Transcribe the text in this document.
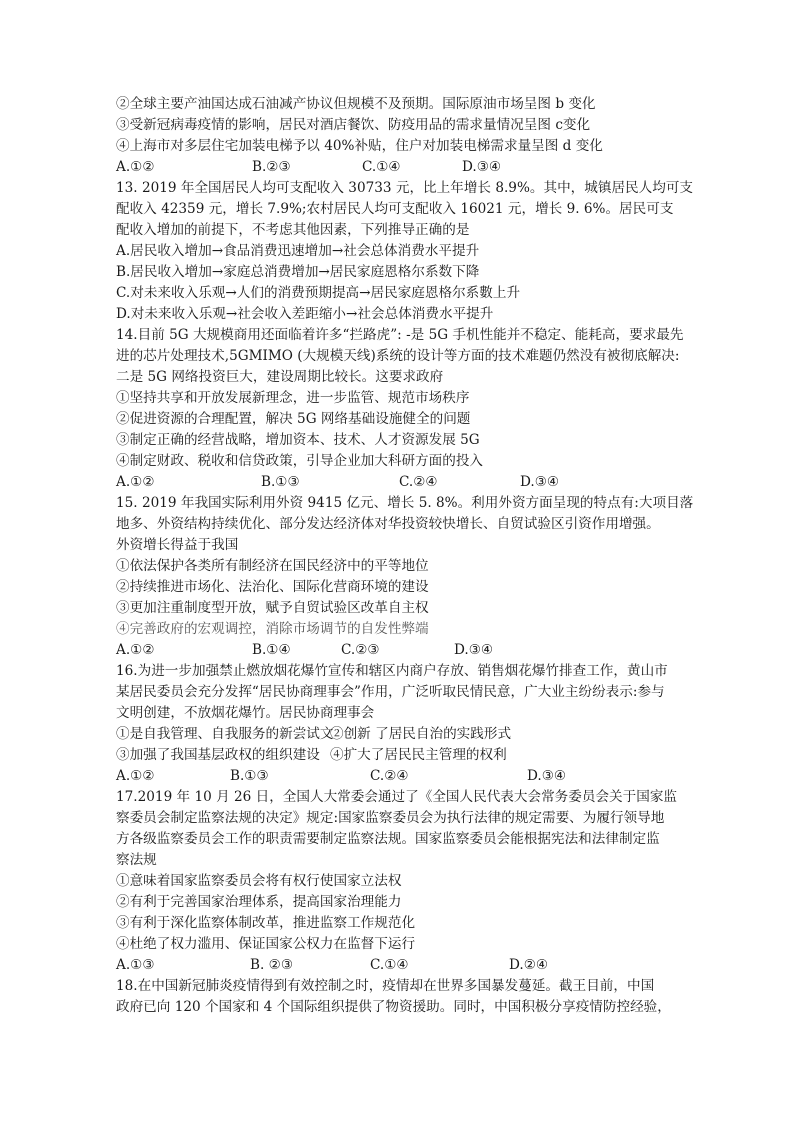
②全球主要产油国达成石油减产协议但规模不及预期。国际原油市场呈图 b 变化
③受新冠病毒疫情的影响，居民对酒店餐饮、防疫用品的需求量情况呈图 c变化
④上海市对多层住宅加装电梯予以 40%补贴，住户对加装电梯需求量呈图 d 变化
A.①②	B.②③	C.①④	D.③④
13. 2019 年全国居民人均可支配收入 30733 元，比上年增长 8.9%。其中，城镇居民人均可支
配收入 42359 元，增长 7.9%;农村居民人均可支配收入 16021 元，增长 9. 6%。居民可支
配收入增加的前提下，不考虑其他因素，下列推导正确的是
A.居民收入增加→食品消费迅速增加→社会总体消费水平提升
B.居民收入增加→家庭总消费增加→居民家庭恩格尔系数下降
C.对未来收入乐观→人们的消费预期提高→居民家庭恩格尔系數上升
D.对未来收入乐观→社会收入差距缩小→社会总体消费水平提升
14.目前 5G 大规模商用还面临着许多“拦路虎”: -是 5G 手机性能并不稳定、能耗高，要求最先
进的芯片处理技术,5GMIMO (大规模天线)系统的设计等方面的技术难题仍然没有被彻底解决:
二是 5G 网络投资巨大，建设周期比较长。这要求政府
①坚持共享和开放发展新理念，进一步监管、规范市场秩序
②促进资源的合理配置，解决 5G 网络基础设施健全的问题
③制定正确的经营战略，增加资本、技术、人才资源发展 5G
④制定财政、税收和信贷政策，引导企业加大科研方面的投入
A.①②	B.①③	C.②④	D.③④
15. 2019 年我国实际利用外资 9415 亿元、增长 5. 8%。利用外资方面呈现的特点有:大项目落
地多、外资结构持续优化、部分发达经济体对华投资较快增长、自贸试验区引资作用增强。
外资增长得益于我国
①依法保护各类所有制经济在国民经济中的平等地位
②持续推进市场化、法治化、国际化营商环境的建设
③更加注重制度型开放，赋予自贸试验区改革自主权
④完善政府的宏观调控，消除市场调节的自发性弊端
A.①②	B.①④	C.②③	D.③④
16.为进一步加强禁止燃放烟花爆竹宣传和辖区内商户存放、销售烟花爆竹排查工作，黄山市
某居民委员会充分发挥“居民协商理事会”作用，广泛听取民情民意，广大业主纷纷表示:参与
文明创建，不放烟花爆竹。居民协商理事会
①是自我管理、自我服务的新尝试文
②创新 了居民自治的实践形式
③加强了我国基层政权的组织建设 ④扩大了居民民主管理的权利
A.①②	B.①③	C.②④	D.③④
17.2019 年 10 月 26 日，全国人大常委会通过了《全国人民代表大会常务委员会关于国家监
察委员会制定监察法规的决定》规定:国家监察委员会为执行法律的规定需要、为履行领导地
方各级监察委员会工作的职责需要制定监察法规。国家监察委员会能根据宪法和法律制定监
察法规
①意味着国家监察委员会将有权行使国家立法权
②有利于完善国家治理体系，提高国家治理能力
③有利于深化监察体制改革，推进监察工作规范化
④杜绝了权力滥用、保证国家公权力在监督下运行
A.①③	B. ②③	C.①④	D.②④
18.在中国新冠肺炎疫情得到有效控制之时，疫情却在世界多国暴发蔓延。截王目前，中国
政府已向 120 个国家和 4 个国际组织提供了物资援助。同时，中国积极分享疫情防控经验，
